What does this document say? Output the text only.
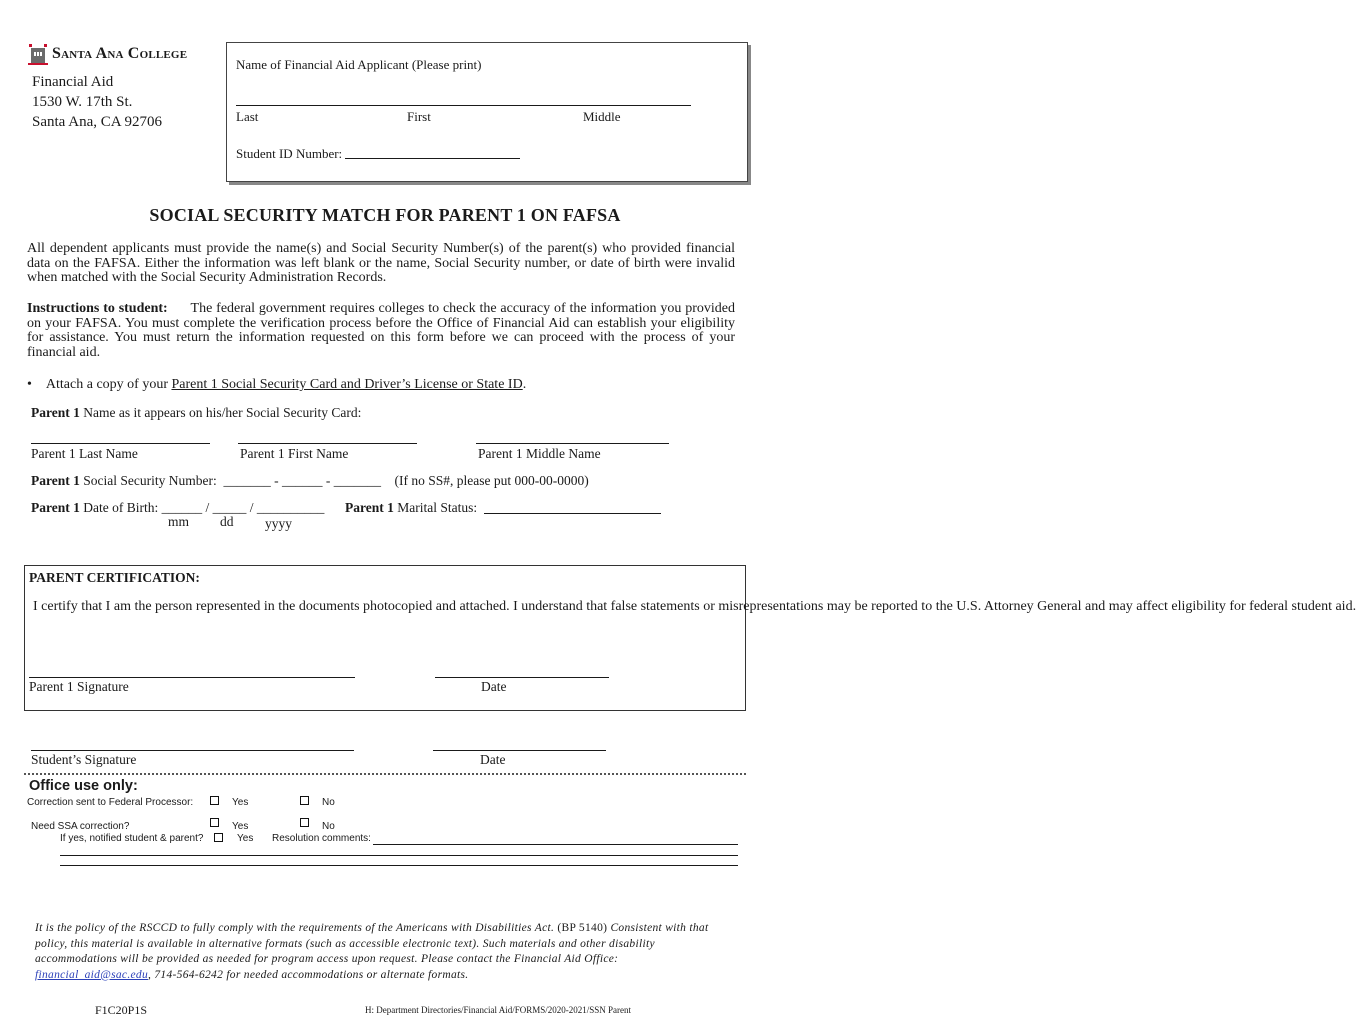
Santa Ana College
Financial Aid
1530 W. 17th St.
Santa Ana, CA 92706
Name of Financial Aid Applicant (Please print)
Last	First	Middle
Student ID Number:
SOCIAL SECURITY MATCH FOR PARENT 1 ON FAFSA
All dependent applicants must provide the name(s) and Social Security Number(s) of the parent(s) who provided financial data on the FAFSA. Either the information was left blank or the name, Social Security number, or date of birth were invalid when matched with the Social Security Administration Records.
Instructions to student: The federal government requires colleges to check the accuracy of the information you provided on your FAFSA. You must complete the verification process before the Office of Financial Aid can establish your eligibility for assistance. You must return the information requested on this form before we can proceed with the process of your financial aid.
•    Attach a copy of your Parent 1 Social Security Card and Driver’s License or State ID.
Parent 1 Name as it appears on his/her Social Security Card:
Parent 1 Last Name	Parent 1 First Name	Parent 1 Middle Name
Parent 1 Social Security Number: _______ - ______ - _______ (If no SS#, please put 000-00-0000)
Parent 1 Date of Birth: ______ / _____ / __________
mm dd yyyy
Parent 1 Marital Status:
PARENT CERTIFICATION:
I certify that I am the person represented in the documents photocopied and attached. I understand that false statements or misrepresentations may be reported to the U.S. Attorney General and may affect eligibility for federal student aid.
Parent 1 Signature	Date
Student’s Signature	Date
Office use only:
Correction sent to Federal Processor:	Yes	No
Need SSA correction?	Yes	No
If yes, notified student & parent?	Yes Resolution comments:
It is the policy of the RSCCD to fully comply with the requirements of the Americans with Disabilities Act. (BP 5140) Consistent with that policy, this material is available in alternative formats (such as accessible electronic text). Such materials and other disability accommodations will be provided as needed for program access upon request. Please contact the Financial Aid Office: financial_aid@sac.edu, 714-564-6242 for needed accommodations or alternate formats.
F1C20P1S	H: Department Directories/Financial Aid/FORMS/2020-2021/SSN Parent
